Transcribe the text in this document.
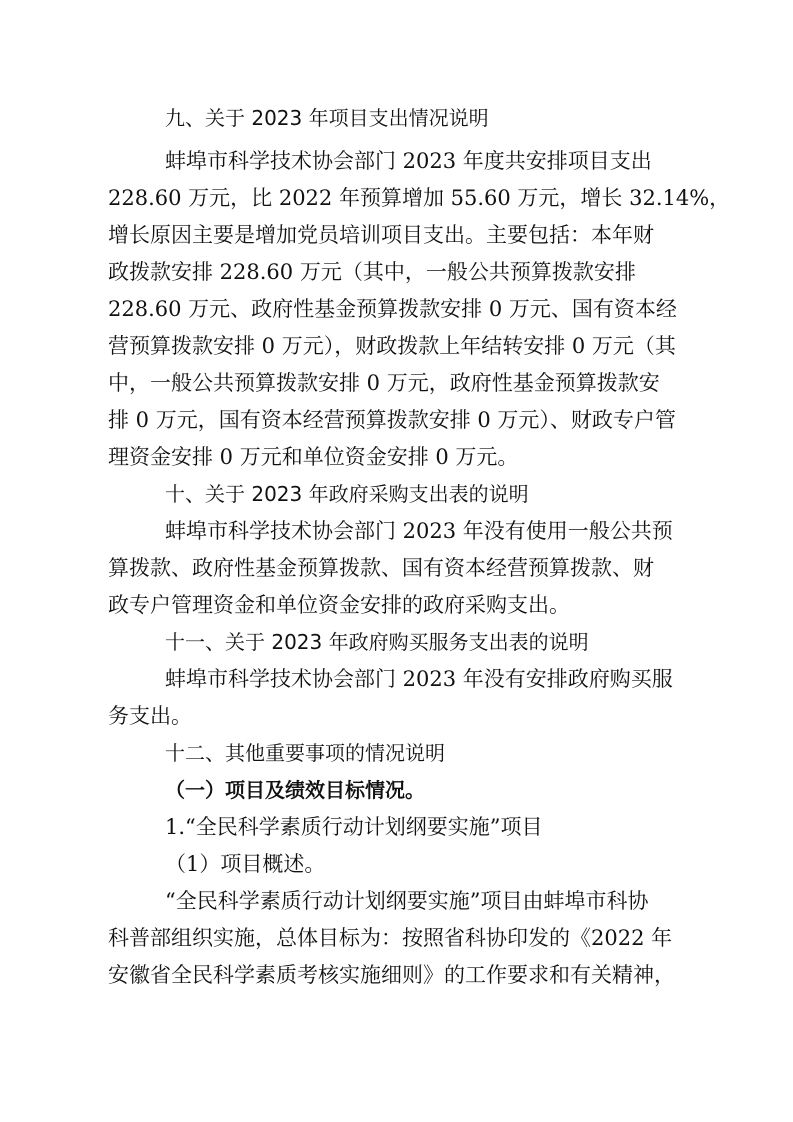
九、关于 2023 年项目支出情况说明
蚌埠市科学技术协会部门 2023 年度共安排项目支出
228.60 万元，比 2022 年预算增加 55.60 万元，增长 32.14%，
增长原因主要是增加党员培训项目支出。主要包括：本年财
政拨款安排 228.60 万元（其中，一般公共预算拨款安排
228.60 万元、政府性基金预算拨款安排 0 万元、国有资本经
营预算拨款安排 0 万元），财政拨款上年结转安排 0 万元（其
中，一般公共预算拨款安排 0 万元，政府性基金预算拨款安
排 0 万元，国有资本经营预算拨款安排 0 万元）、财政专户管
理资金安排 0 万元和单位资金安排 0 万元。
十、关于 2023 年政府采购支出表的说明
蚌埠市科学技术协会部门 2023 年没有使用一般公共预
算拨款、政府性基金预算拨款、国有资本经营预算拨款、财
政专户管理资金和单位资金安排的政府采购支出。
十一、关于 2023 年政府购买服务支出表的说明
蚌埠市科学技术协会部门 2023 年没有安排政府购买服
务支出。
十二、其他重要事项的情况说明
（一）项目及绩效目标情况。
1.“全民科学素质行动计划纲要实施”项目
（1）项目概述。
“全民科学素质行动计划纲要实施”项目由蚌埠市科协
科普部组织实施，总体目标为：按照省科协印发的《2022 年
安徽省全民科学素质考核实施细则》的工作要求和有关精神，
